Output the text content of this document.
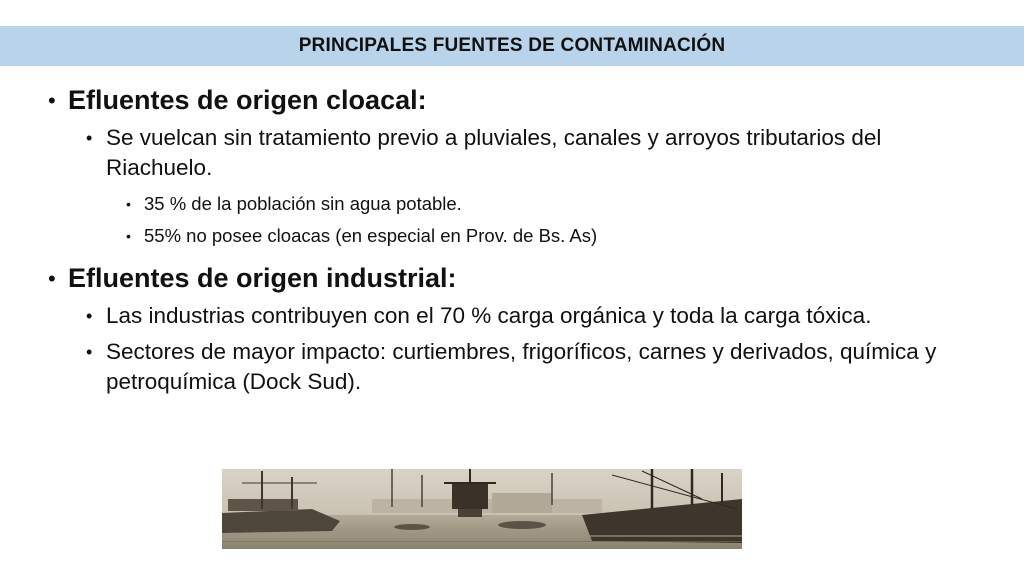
PRINCIPALES FUENTES DE CONTAMINACIÓN
• Efluentes de origen cloacal:
• Se vuelcan sin tratamiento previo a pluviales, canales y arroyos tributarios del Riachuelo.
• 35 % de la población sin agua potable.
• 55% no posee cloacas (en especial en Prov. de Bs. As)
• Efluentes de origen industrial:
• Las industrias contribuyen con el 70 % carga orgánica y toda la carga tóxica.
• Sectores de mayor impacto: curtiembres, frigoríficos, carnes y derivados, química y petroquímica (Dock Sud).
